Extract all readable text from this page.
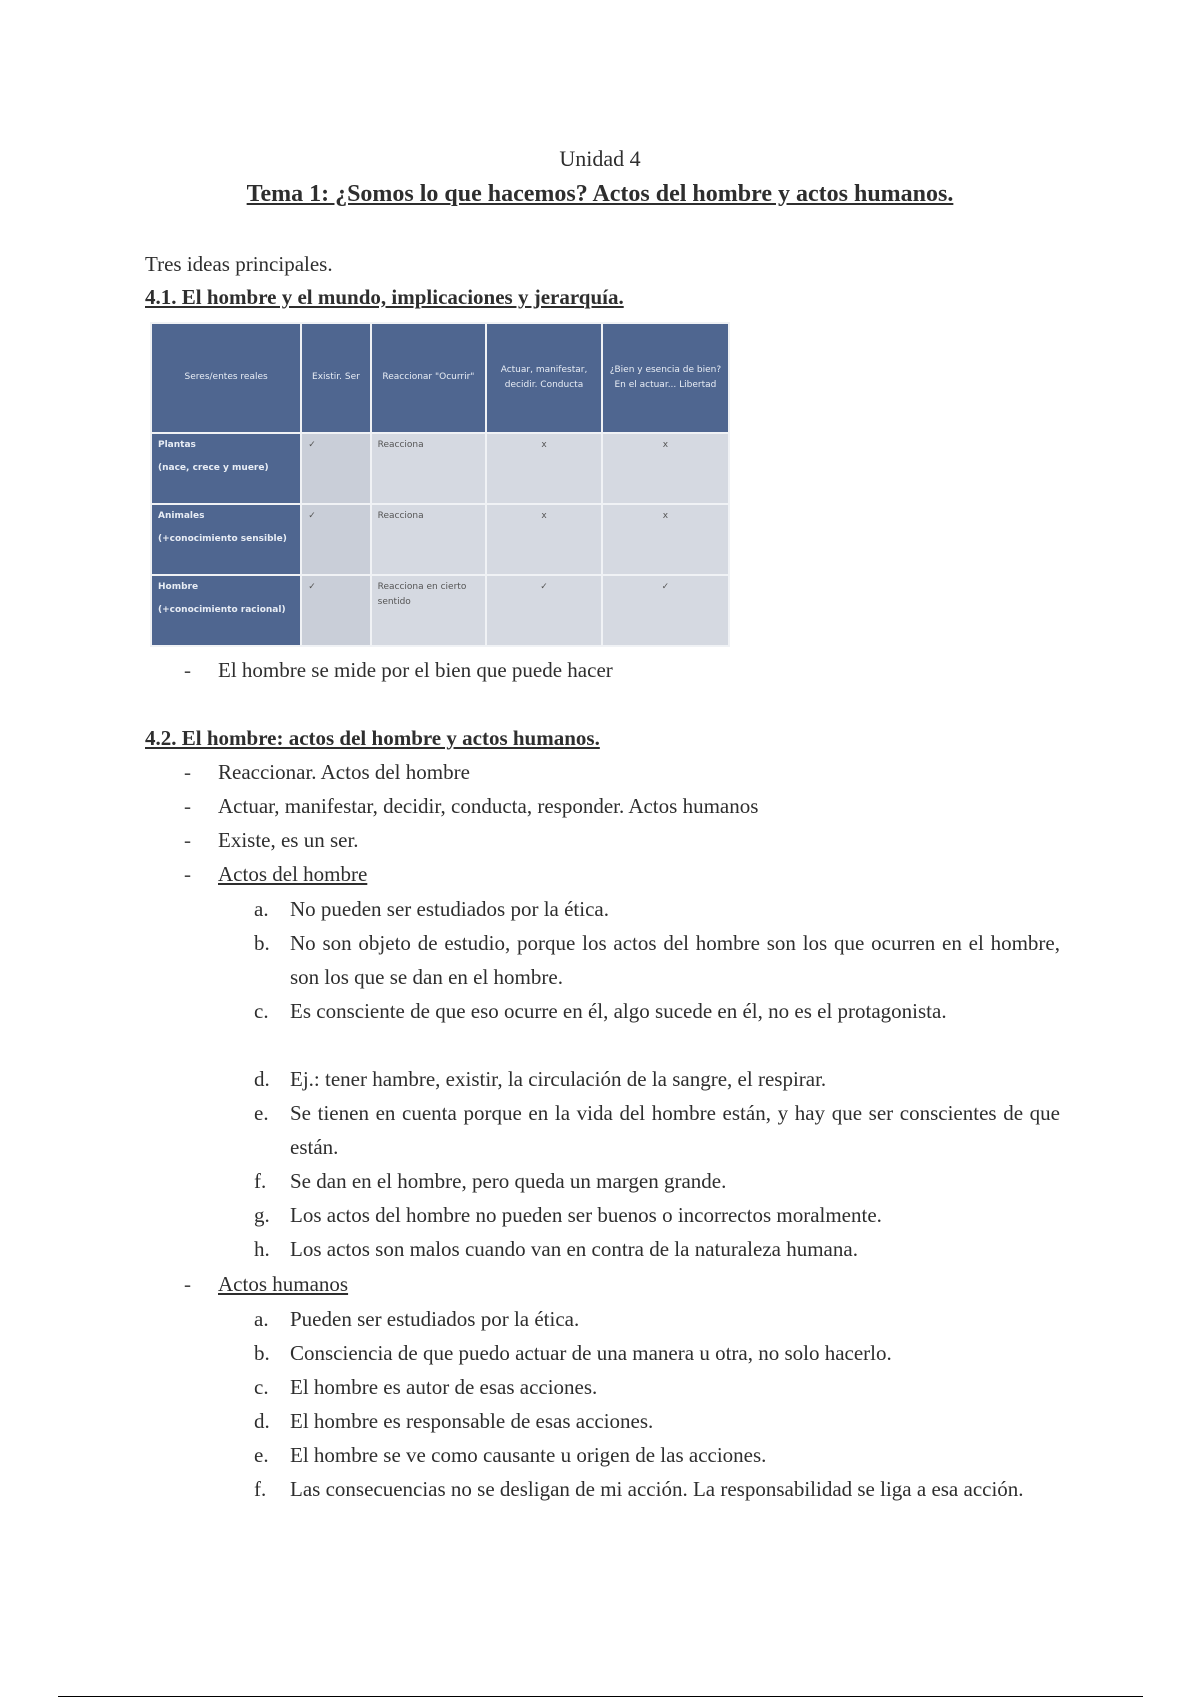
Unidad 4
Tema 1: ¿Somos lo que hacemos? Actos del hombre y actos humanos.
Tres ideas principales.
4.1. El hombre y el mundo, implicaciones y jerarquía.
Seres/entes reales	Existir. Ser	Reaccionar "Ocurrir"	Actuar, manifestar, decidir. Conducta	¿Bien y esencia de bien? En el actuar... Libertad
Plantas
(nace, crece y muere)	✓	Reacciona	x	x
Animales
(+conocimiento sensible)	✓	Reacciona	x	x
Hombre
(+conocimiento racional)	✓	Reacciona en cierto sentido	✓	✓
El hombre se mide por el bien que puede hacer
4.2. El hombre: actos del hombre y actos humanos.
Reaccionar. Actos del hombre
Actuar, manifestar, decidir, conducta, responder. Actos humanos
Existe, es un ser.
Actos del hombre
a.	No pueden ser estudiados por la ética.
b. No son objeto de estudio, porque los actos del hombre son los que ocurren en el hombre, son los que se dan en el hombre.
c.	Es consciente de que eso ocurre en él, algo sucede en él, no es el protagonista.
d. Ej.: tener hambre, existir, la circulación de la sangre, el respirar.
e.	Se tienen en cuenta porque en la vida del hombre están, y hay que ser conscientes de que están.
f.	Se dan en el hombre, pero queda un margen grande.
g. Los actos del hombre no pueden ser buenos o incorrectos moralmente.
h. Los actos son malos cuando van en contra de la naturaleza humana.
Actos humanos
a.	Pueden ser estudiados por la ética.
b. Consciencia de que puedo actuar de una manera u otra, no solo hacerlo.
c.	El hombre es autor de esas acciones.
d. El hombre es responsable de esas acciones.
e.	El hombre se ve como causante u origen de las acciones.
f.	Las consecuencias no se desligan de mi acción. La responsabilidad se liga a esa acción.
